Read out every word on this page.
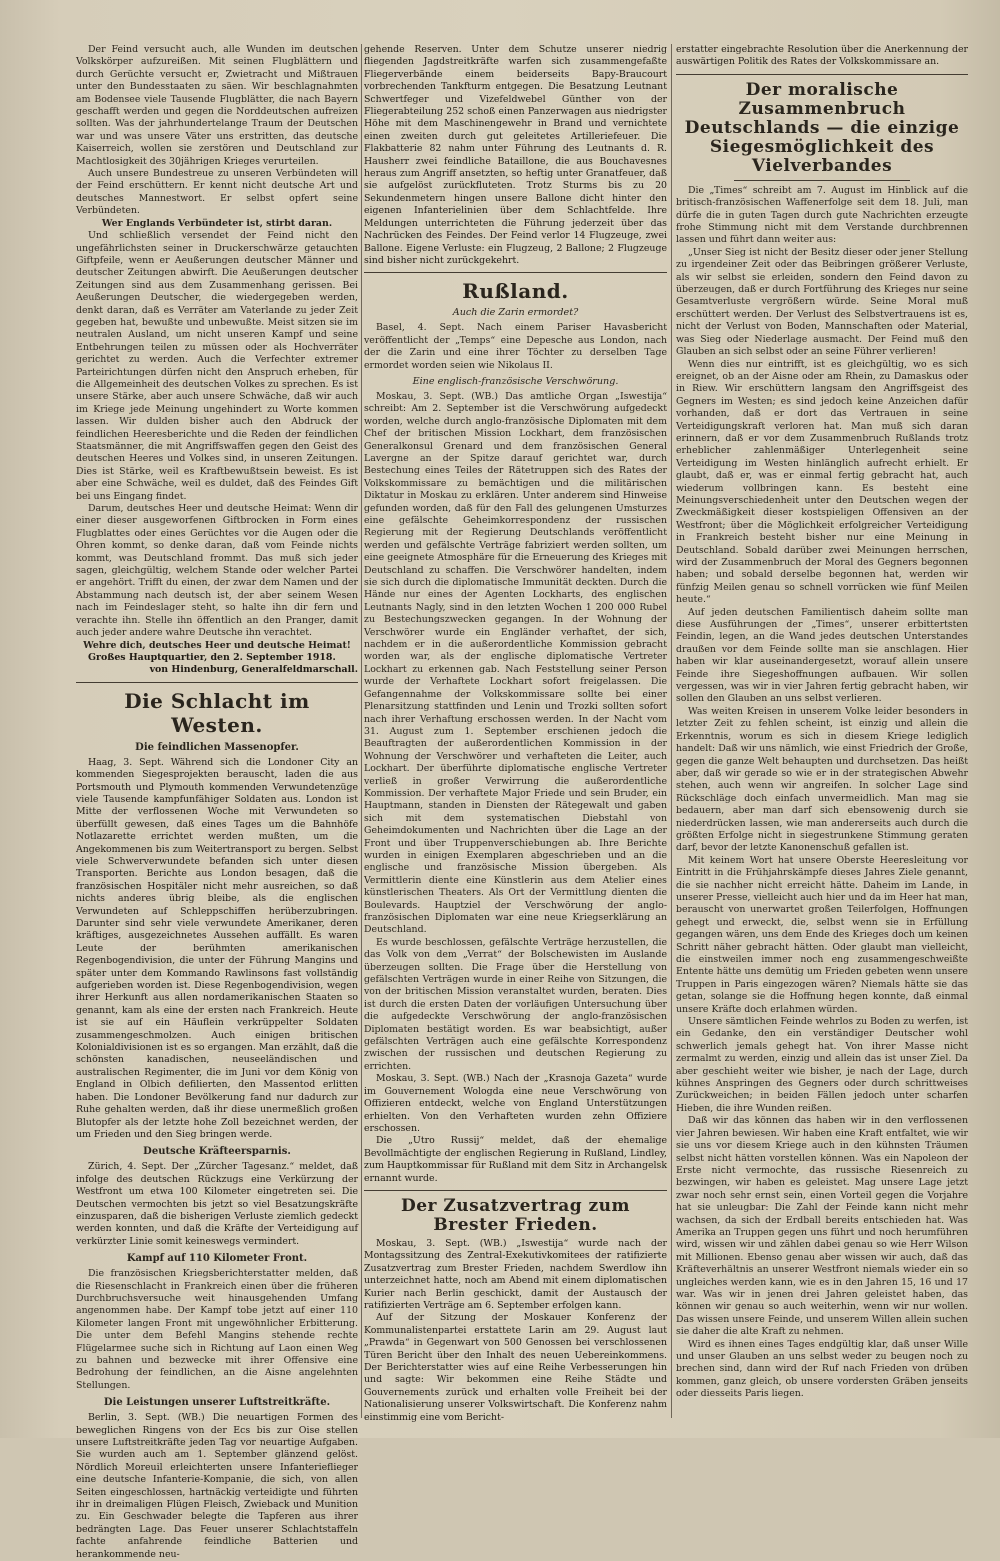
Der Feind versucht auch, alle Wunden im deutschen Volkskörper aufzureißen. Mit seinen Flugblättern und durch Gerüchte versucht er, Zwietracht und Mißtrauen unter den Bundesstaaten zu säen. Wir beschlagnahmten am Bodensee viele Tausende Flugblätter, die nach Bayern geschafft werden und gegen die Norddeutschen aufreizen sollten. Was der jahrhundertelange Traum der Deutschen war und was unsere Väter uns erstritten, das deutsche Kaiserreich, wollen sie zerstören und Deutschland zur Machtlosigkeit des 30jährigen Krieges verurteilen.

Auch unsere Bundestreue zu unseren Verbündeten will der Feind erschüttern. Er kennt nicht deutsche Art und deutsches Mannestwort. Er selbst opfert seine Verbündeten.

Wer Englands Verbündeter ist, stirbt daran.

Und schließlich versendet der Feind nicht den ungefährlichsten seiner in Druckerschwärze getauchten Giftpfeile, wenn er Aeußerungen deutscher Männer und deutscher Zeitungen abwirft. Die Aeußerungen deutscher Zeitungen sind aus dem Zusammenhang gerissen. Bei Aeußerungen Deutscher, die wiedergegeben werden, denkt daran, daß es Verräter am Vaterlande zu jeder Zeit gegeben hat, bewußte und unbewußte. Meist sitzen sie im neutralen Ausland, um nicht unseren Kampf und seine Entbehrungen teilen zu müssen oder als Hochverräter gerichtet zu werden. Auch die Verfechter extremer Parteirichtungen dürfen nicht den Anspruch erheben, für die Allgemeinheit des deutschen Volkes zu sprechen. Es ist unsere Stärke, aber auch unsere Schwäche, daß wir auch im Kriege jede Meinung ungehindert zu Worte kommen lassen. Wir dulden bisher auch den Abdruck der feindlichen Heeresberichte und die Reden der feindlichen Staatsmänner, die mit Angriffswaffen gegen den Geist des deutschen Heeres und Volkes sind, in unseren Zeitungen. Dies ist Stärke, weil es Kraftbewußtsein beweist. Es ist aber eine Schwäche, weil es duldet, daß des Feindes Gift bei uns Eingang findet.

Darum, deutsches Heer und deutsche Heimat: Wenn dir einer dieser ausgeworfenen Giftbrocken in Form eines Flugblattes oder eines Gerüchtes vor die Augen oder die Ohren kommt, so denke daran, daß vom Feinde nichts kommt, was Deutschland frommt. Das muß sich jeder sagen, gleichgültig, welchem Stande oder welcher Partei er angehört. Trifft du einen, der zwar dem Namen und der Abstammung nach deutsch ist, der aber seinem Wesen nach im Feindeslager steht, so halte ihn dir fern und verachte ihn. Stelle ihn öffentlich an den Pranger, damit auch jeder andere wahre Deutsche ihn verachtet.

Wehre dich, deutsches Heer und deutsche Heimat!

Großes Hauptquartier, den 2. September 1918.

von Hindenburg, Generalfeldmarschall.

Die Schlacht im Westen.
Die feindlichen Massenopfer.

Haag, 3. Sept. Während sich die Londoner City an kommenden Siegesprojekten berauscht, laden die aus Portsmouth und Plymouth kommenden Verwundetenzüge viele Tausende kampfunfähiger Soldaten aus. London ist Mitte der verflossenen Woche mit Verwundeten so überfüllt gewesen, daß eines Tages um die Bahnhöfe Notlazarette errichtet werden mußten, um die Angekommenen bis zum Weitertransport zu bergen. Selbst viele Schwerverwundete befanden sich unter diesen Transporten. Berichte aus London besagen, daß die französischen Hospitäler nicht mehr ausreichen, so daß nichts anderes übrig bleibe, als die englischen Verwundeten auf Schleppschiffen herüberzubringen. Darunter sind sehr viele verwundete Amerikaner, deren kräftiges, ausgezeichnetes Aussehen auffällt. Es waren Leute der berühmten amerikanischen Regenbogendivision, die unter der Führung Mangins und später unter dem Kommando Rawlinsons fast vollständig aufgerieben worden ist. Diese Regenbogendivision, wegen ihrer Herkunft aus allen nordamerikanischen Staaten so genannt, kam als eine der ersten nach Frankreich. Heute ist sie auf ein Häuflein verkrüppelter Soldaten zusammengeschmolzen. Auch einigen britischen Kolonialdivisionen ist es so ergangen. Man erzählt, daß die schönsten kanadischen, neuseeländischen und australischen Regimenter, die im Juni vor dem König von England in Olbich defilierten, den Massentod erlitten haben. Die Londoner Bevölkerung fand nur dadurch zur Ruhe gehalten werden, daß ihr diese unermeßlich großen Blutopfer als der letzte hohe Zoll bezeichnet werden, der um Frieden und den Sieg bringen werde.

Deutsche Kräfteersparnis.

Zürich, 4. Sept. Der „Zürcher Tagesanz.“ meldet, daß infolge des deutschen Rückzugs eine Verkürzung der Westfront um etwa 100 Kilometer eingetreten sei. Die Deutschen vermochten bis jetzt so viel Besatzungskräfte einzusparen, daß die bisherigen Verluste ziemlich gedeckt werden konnten, und daß die Kräfte der Verteidigung auf verkürzter Linie somit keineswegs vermindert.

Kampf auf 110 Kilometer Front.

Die französischen Kriegsberichterstatter melden, daß die Riesenschlacht in Frankreich einen über die früheren Durchbruchsversuche weit hinausgehenden Umfang angenommen habe. Der Kampf tobe jetzt auf einer 110 Kilometer langen Front mit ungewöhnlicher Erbitterung. Die unter dem Befehl Mangins stehende rechte Flügelarmee suche sich in Richtung auf Laon einen Weg zu bahnen und bezwecke mit ihrer Offensive eine Bedrohung der feindlichen, an die Aisne angelehnten Stellungen.

Die Leistungen unserer Luftstreitkräfte.

Berlin, 3. Sept. (WB.) Die neuartigen Formen des beweglichen Ringens von der Ecs bis zur Oise stellen unsere Luftstreitkräfte jeden Tag vor neuartige Aufgaben. Sie wurden auch am 1. September glänzend gelöst. Nördlich Moreuil erleichterten unsere Infanterieflieger eine deutsche Infanterie-Kompanie, die sich, von allen Seiten eingeschlossen, hartnäckig verteidigte und führten ihr in dreimaligen Flügen Fleisch, Zwieback und Munition zu. Ein Geschwader belegte die Tapferen aus ihrer bedrängten Lage. Das Feuer unserer Schlachtstaffeln fachte anfahrende feindliche Batterien und herankommende neu-

gehende Reserven. Unter dem Schutze unserer niedrig fliegenden Jagdstreitkräfte warfen sich zusammengefaßte Fliegerverbände einem beiderseits Bapy-Braucourt vorbrechenden Tankfturm entgegen. Die Besatzung Leutnant Schwertfeger und Vizefeldwebel Günther von der Fliegerabteilung 252 schoß einen Panzerwagen aus niedrigster Höhe mit dem Maschinengewehr in Brand und vernichtete einen zweiten durch gut geleitetes Artilleriefeuer. Die Flakbatterie 82 nahm unter Führung des Leutnants d. R. Hausherr zwei feindliche Bataillone, die aus Bouchavesnes heraus zum Angriff ansetzten, so heftig unter Granatfeuer, daß sie aufgelöst zurückfluteten. Trotz Sturms bis zu 20 Sekundenmetern hingen unsere Ballone dicht hinter den eigenen Infanterielinien über dem Schlachtfelde. Ihre Meldungen unterrichteten die Führung jederzeit über das Nachrücken des Feindes. Der Feind verlor 14 Flugzeuge, zwei Ballone. Eigene Verluste: ein Flugzeug, 2 Ballone; 2 Flugzeuge sind bisher nicht zurückgekehrt.

Rußland.
Auch die Zarin ermordet?

Basel, 4. Sept. Nach einem Pariser Havasbericht veröffentlicht der „Temps“ eine Depesche aus London, nach der die Zarin und eine ihrer Töchter zu derselben Tage ermordet worden seien wie Nikolaus II.

Eine englisch-französische Verschwörung.

Moskau, 3. Sept. (WB.) Das amtliche Organ „Iswestija“ schreibt: Am 2. September ist die Verschwörung aufgedeckt worden, welche durch anglo-französische Diplomaten mit dem Chef der britischen Mission Lockhart, dem französischen Generalkonsul Grenard und dem französischen General Lavergne an der Spitze darauf gerichtet war, durch Bestechung eines Teiles der Rätetruppen sich des Rates der Volkskommissare zu bemächtigen und die militärischen Diktatur in Moskau zu erklären. Unter anderem sind Hinweise gefunden worden, daß für den Fall des gelungenen Umsturzes eine gefälschte Geheimkorrespondenz der russischen Regierung mit der Regierung Deutschlands veröffentlicht werden und gefälschte Verträge fabriziert werden sollten, um eine geeignete Atmosphäre für die Erneuerung des Krieges mit Deutschland zu schaffen. Die Verschwörer handelten, indem sie sich durch die diplomatische Immunität deckten. Durch die Hände nur eines der Agenten Lockharts, des englischen Leutnants Nagly, sind in den letzten Wochen 1 200 000 Rubel zu Bestechungszwecken gegangen. In der Wohnung der Verschwörer wurde ein Engländer verhaftet, der sich, nachdem er in die außerordentliche Kommission gebracht worden war, als der englische diplomatische Vertreter Lockhart zu erkennen gab. Nach Feststellung seiner Person wurde der Verhaftete Lockhart sofort freigelassen. Die Gefangennahme der Volkskommissare sollte bei einer Plenarsitzung stattfinden und Lenin und Trozki sollten sofort nach ihrer Verhaftung erschossen werden. In der Nacht vom 31. August zum 1. September erschienen jedoch die Beauftragten der außerordentlichen Kommission in der Wohnung der Verschwörer und verhafteten die Leiter, auch Lockhart. Der überführte diplomatische englische Vertreter verließ in großer Verwirrung die außerordentliche Kommission. Der verhaftete Major Friede und sein Bruder, ein Hauptmann, standen in Diensten der Rätegewalt und gaben sich mit dem systematischen Diebstahl von Geheimdokumenten und Nachrichten über die Lage an der Front und über Truppenverschiebungen ab. Ihre Berichte wurden in einigen Exemplaren abgeschrieben und an die englische und französische Mission übergeben. Als Vermittlerin diente eine Künstlerin aus dem Atelier eines künstlerischen Theaters. Als Ort der Vermittlung dienten die Boulevards. Hauptziel der Verschwörung der anglo-französischen Diplomaten war eine neue Kriegserklärung an Deutschland.

Es wurde beschlossen, gefälschte Verträge herzustellen, die das Volk von dem „Verrat“ der Bolschewisten im Auslande überzeugen sollten. Die Frage über die Herstellung von gefälschten Verträgen wurde in einer Reihe von Sitzungen, die von der britischen Mission veranstaltet wurden, beraten. Dies ist durch die ersten Daten der vorläufigen Untersuchung über die aufgedeckte Verschwörung der anglo-französischen Diplomaten bestätigt worden. Es war beabsichtigt, außer gefälschten Verträgen auch eine gefälschte Korrespondenz zwischen der russischen und deutschen Regierung zu errichten.

Moskau, 3. Sept. (WB.) Nach der „Krasnoja Gazeta“ wurde im Gouvernement Wologda eine neue Verschwörung von Offizieren entdeckt, welche von England Unterstützungen erhielten. Von den Verhafteten wurden zehn Offiziere erschossen.

Die „Utro Russij“ meldet, daß der ehemalige Bevollmächtigte der englischen Regierung in Rußland, Lindley, zum Hauptkommissar für Rußland mit dem Sitz in Archangelsk ernannt wurde.

Der Zusatzvertrag zum Brester Frieden.

Moskau, 3. Sept. (WB.) „Iswestija“ wurde nach der Montagssitzung des Zentral-Exekutivkomitees der ratifizierte Zusatzvertrag zum Brester Frieden, nachdem Swerdlow ihn unterzeichnet hatte, noch am Abend mit einem diplomatischen Kurier nach Berlin geschickt, damit der Austausch der ratifizierten Verträge am 6. September erfolgen kann.

Auf der Sitzung der Moskauer Konferenz der Kommunalistenpartei erstattete Larin am 29. August laut „Prawda“ in Gegenwart von 500 Genossen bei verschlossenen Türen Bericht über den Inhalt des neuen Uebereinkommens. Der Berichterstatter wies auf eine Reihe Verbesserungen hin und sagte: Wir bekommen eine Reihe Städte und Gouvernements zurück und erhalten volle Freiheit bei der Nationalisierung unserer Volkswirtschaft. Die Konferenz nahm einstimmig eine vom Bericht-

erstatter eingebrachte Resolution über die Anerkennung der auswärtigen Politik des Rates der Volkskommissare an.

Der moralische Zusammenbruch Deutschlands — die einzige Siegesmöglichkeit des Vielverbandes

Die „Times“ schreibt am 7. August im Hinblick auf die britisch-französischen Waffenerfolge seit dem 18. Juli, man dürfe die in guten Tagen durch gute Nachrichten erzeugte frohe Stimmung nicht mit dem Verstande durchbrennen lassen und führt dann weiter aus:

„Unser Sieg ist nicht der Besitz dieser oder jener Stellung zu irgendeiner Zeit oder das Beibringen größerer Verluste, als wir selbst sie erleiden, sondern den Feind davon zu überzeugen, daß er durch Fortführung des Krieges nur seine Gesamtverluste vergrößern würde. Seine Moral muß erschüttert werden. Der Verlust des Selbstvertrauens ist es, nicht der Verlust von Boden, Mannschaften oder Material, was Sieg oder Niederlage ausmacht. Der Feind muß den Glauben an sich selbst oder an seine Führer verlieren!

Wenn dies nur eintrifft, ist es gleichgültig, wo es sich ereignet, ob an der Aisne oder am Rhein, zu Damaskus oder in Riew. Wir erschüttern langsam den Angriffsgeist des Gegners im Westen; es sind jedoch keine Anzeichen dafür vorhanden, daß er dort das Vertrauen in seine Verteidigungskraft verloren hat. Man muß sich daran erinnern, daß er vor dem Zusammenbruch Rußlands trotz erheblicher zahlenmäßiger Unterlegenheit seine Verteidigung im Westen hinlänglich aufrecht erhielt. Er glaubt, daß er, was er einmal fertig gebracht hat, auch wiederum vollbringen kann. Es besteht eine Meinungsverschiedenheit unter den Deutschen wegen der Zweckmäßigkeit dieser kostspieligen Offensiven an der Westfront; über die Möglichkeit erfolgreicher Verteidigung in Frankreich besteht bisher nur eine Meinung in Deutschland. Sobald darüber zwei Meinungen herrschen, wird der Zusammenbruch der Moral des Gegners begonnen haben; und sobald derselbe begonnen hat, werden wir fünfzig Meilen genau so schnell vorrücken wie fünf Meilen heute.“

Auf jeden deutschen Familientisch daheim sollte man diese Ausführungen der „Times“, unserer erbittertsten Feindin, legen, an die Wand jedes deutschen Unterstandes draußen vor dem Feinde sollte man sie anschlagen. Hier haben wir klar auseinandergesetzt, worauf allein unsere Feinde ihre Siegeshoffnungen aufbauen. Wir sollen vergessen, was wir in vier Jahren fertig gebracht haben, wir sollen den Glauben an uns selbst verlieren.

Was weiten Kreisen in unserem Volke leider besonders in letzter Zeit zu fehlen scheint, ist einzig und allein die Erkenntnis, worum es sich in diesem Kriege lediglich handelt: Daß wir uns nämlich, wie einst Friedrich der Große, gegen die ganze Welt behaupten und durchsetzen. Das heißt aber, daß wir gerade so wie er in der strategischen Abwehr stehen, auch wenn wir angreifen. In solcher Lage sind Rückschläge doch einfach unvermeidlich. Man mag sie bedauern, aber man darf sich ebensowenig durch sie niederdrücken lassen, wie man andererseits auch durch die größten Erfolge nicht in siegestrunkene Stimmung geraten darf, bevor der letzte Kanonenschuß gefallen ist.

Mit keinem Wort hat unsere Oberste Heeresleitung vor Eintritt in die Frühjahrskämpfe dieses Jahres Ziele genannt, die sie nachher nicht erreicht hätte. Daheim im Lande, in unserer Presse, vielleicht auch hier und da im Heer hat man, berauscht von unerwartet großen Teilerfolgen, Hoffnungen gehegt und erweckt, die, selbst wenn sie in Erfüllung gegangen wären, uns dem Ende des Krieges doch um keinen Schritt näher gebracht hätten. Oder glaubt man vielleicht, die einstweilen immer noch eng zusammengeschweißte Entente hätte uns demütig um Frieden gebeten wenn unsere Truppen in Paris eingezogen wären? Niemals hätte sie das getan, solange sie die Hoffnung hegen konnte, daß einmal unsere Kräfte doch erlahmen würden.

Unsere sämtlichen Feinde wehrlos zu Boden zu werfen, ist ein Gedanke, den ein verständiger Deutscher wohl schwerlich jemals gehegt hat. Von ihrer Masse nicht zermalmt zu werden, einzig und allein das ist unser Ziel. Da aber geschieht weiter wie bisher, je nach der Lage, durch kühnes Anspringen des Gegners oder durch schrittweises Zurückweichen; in beiden Fällen jedoch unter scharfen Hieben, die ihre Wunden reißen.

Daß wir das können das haben wir in den verflossenen vier Jahren bewiesen. Wir haben eine Kraft entfaltet, wie wir sie uns vor diesem Kriege auch in den kühnsten Träumen selbst nicht hätten vorstellen können. Was ein Napoleon der Erste nicht vermochte, das russische Riesenreich zu bezwingen, wir haben es geleistet. Mag unsere Lage jetzt zwar noch sehr ernst sein, einen Vorteil gegen die Vorjahre hat sie unleugbar: Die Zahl der Feinde kann nicht mehr wachsen, da sich der Erdball bereits entschieden hat. Was Amerika an Truppen gegen uns führt und noch herumführen wird, wissen wir und zählen dabei genau so wie Herr Wilson mit Millionen. Ebenso genau aber wissen wir auch, daß das Kräfteverhältnis an unserer Westfront niemals wieder ein so ungleiches werden kann, wie es in den Jahren 15, 16 und 17 war. Was wir in jenen drei Jahren geleistet haben, das können wir genau so auch weiterhin, wenn wir nur wollen. Das wissen unsere Feinde, und unserem Willen allein suchen sie daher die alte Kraft zu nehmen.

Wird es ihnen eines Tages endgültig klar, daß unser Wille und unser Glauben an uns selbst weder zu beugen noch zu brechen sind, dann wird der Ruf nach Frieden von drüben kommen, ganz gleich, ob unsere vordersten Gräben jenseits oder diesseits Paris liegen.
